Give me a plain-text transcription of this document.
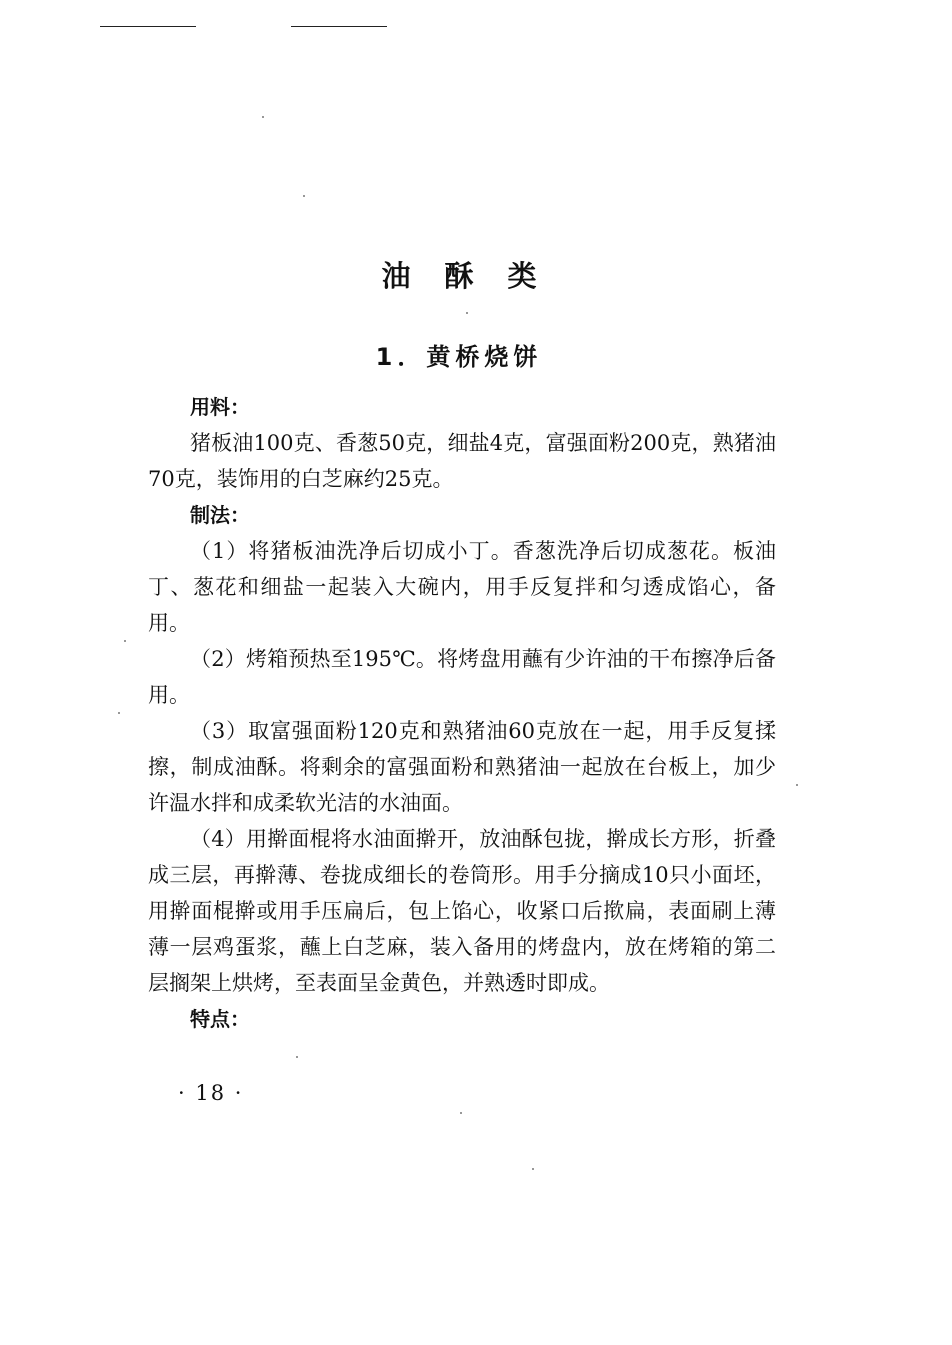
油酥类
1．黄桥烧饼

用料：

猪板油100克、香葱50克，细盐4克，富强面粉200克，熟猪油70克，装饰用的白芝麻约25克。

制法：

（1）将猪板油洗净后切成小丁。香葱洗净后切成葱花。板油丁、葱花和细盐一起装入大碗内，用手反复拌和匀透成馅心，备用。

（2）烤箱预热至195℃。将烤盘用蘸有少许油的干布擦净后备用。

（3）取富强面粉120克和熟猪油60克放在一起，用手反复揉擦，制成油酥。将剩余的富强面粉和熟猪油一起放在台板上，加少许温水拌和成柔软光洁的水油面。

（4）用擀面棍将水油面擀开，放油酥包拢，擀成长方形，折叠成三层，再擀薄、卷拢成细长的卷筒形。用手分摘成10只小面坯，用擀面棍擀或用手压扁后，包上馅心，收紧口后揿扁，表面刷上薄薄一层鸡蛋浆，蘸上白芝麻，装入备用的烤盘内，放在烤箱的第二层搁架上烘烤，至表面呈金黄色，并熟透时即成。

特点：

· 18 ·
